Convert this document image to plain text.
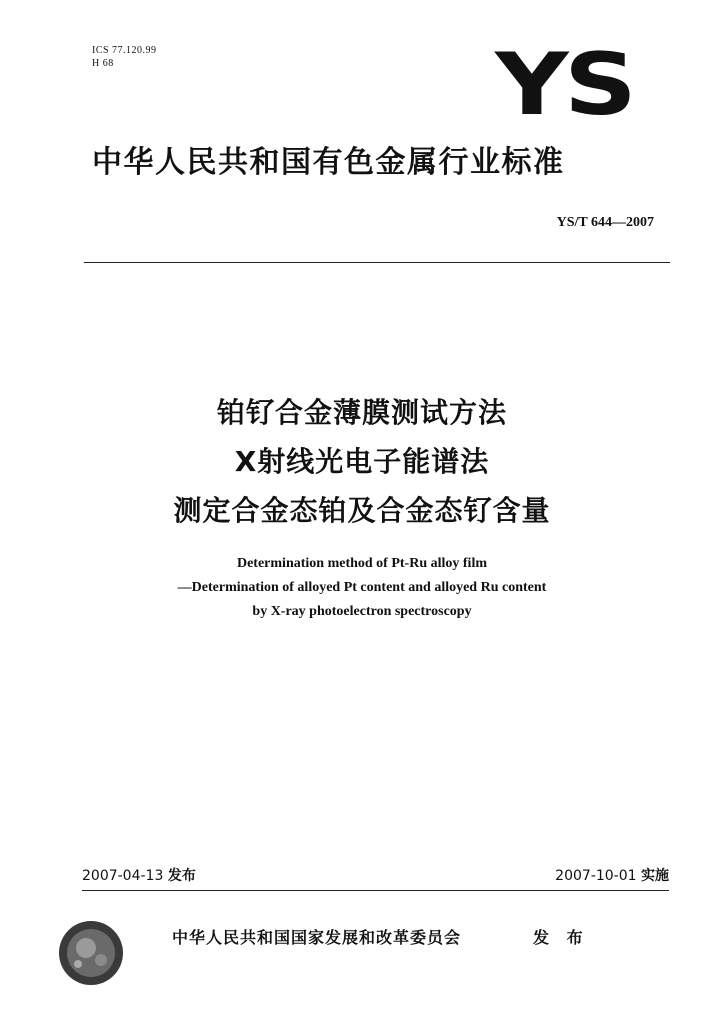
ICS 77.120.99
H 68	YS
中华人民共和国有色金属行业标准
YS/T 644—2007
铂钌合金薄膜测试方法
X射线光电子能谱法
测定合金态铂及合金态钌含量
Determination method of Pt-Ru alloy film
—Determination of alloyed Pt content and alloyed Ru content
by X-ray photoelectron spectroscopy
2007-04-13 发布	2007-10-01 实施
中华人民共和国国家发展和改革委员会	发 布
